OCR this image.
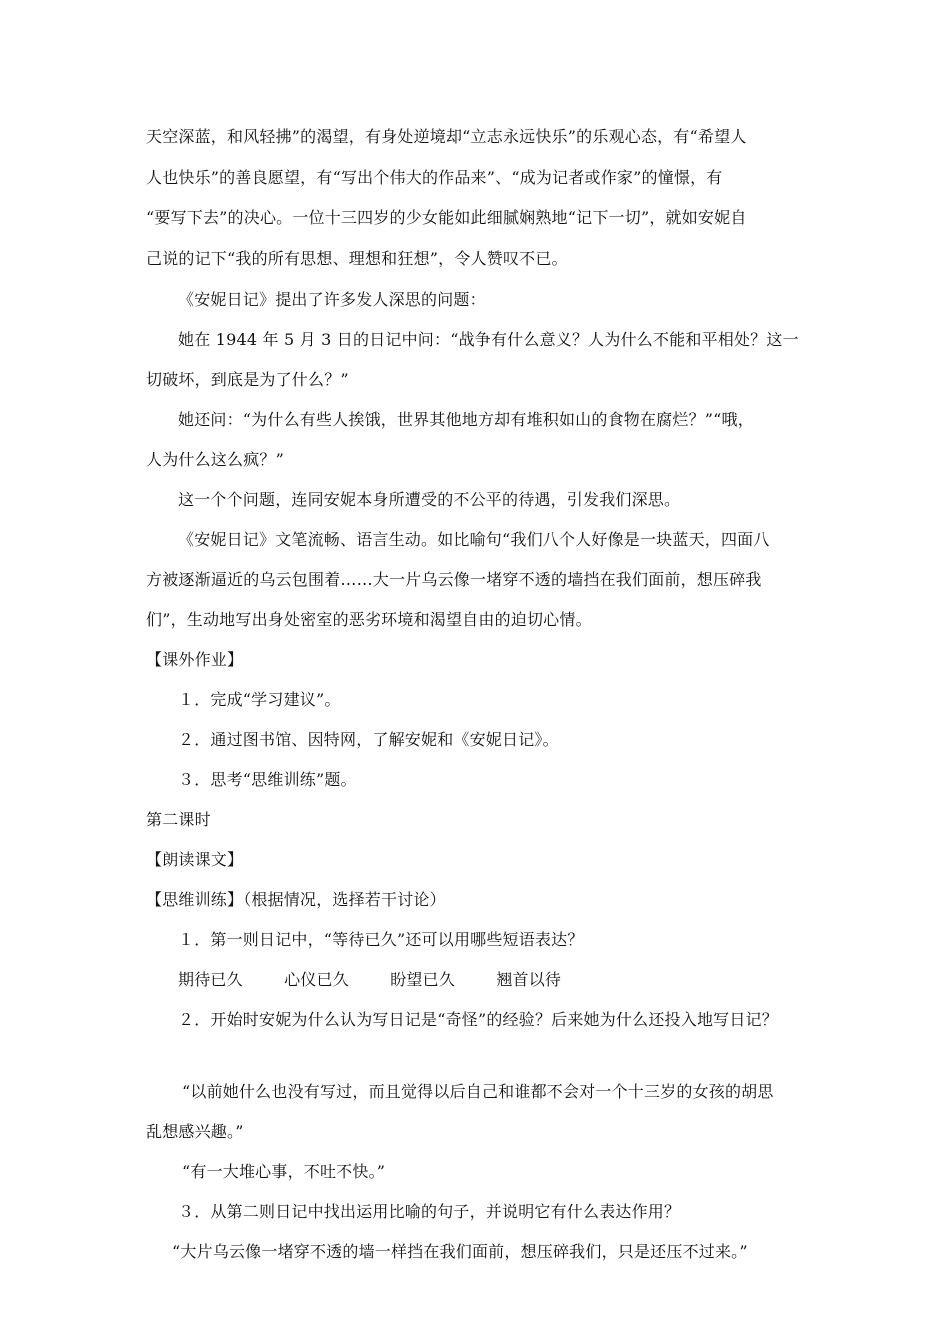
天空深蓝，和风轻拂”的渴望，有身处逆境却“立志永远快乐”的乐观心态，有“希望人
人也快乐”的善良愿望，有“写出个伟大的作品来”、“成为记者或作家”的憧憬，有
“要写下去”的决心。一位十三四岁的少女能如此细腻娴熟地“记下一切”，就如安妮自
己说的记下“我的所有思想、理想和狂想”，令人赞叹不已。
《安妮日记》提出了许多发人深思的问题：
她在 1944 年 5 月 3 日的日记中问：“战争有什么意义？人为什么不能和平相处？这一
切破坏，到底是为了什么？”
她还问：“为什么有些人挨饿，世界其他地方却有堆积如山的食物在腐烂？”“哦，
人为什么这么疯？”
这一个个问题，连同安妮本身所遭受的不公平的待遇，引发我们深思。
《安妮日记》文笔流畅、语言生动。如比喻句“我们八个人好像是一块蓝天，四面八
方被逐渐逼近的乌云包围着……大一片乌云像一堵穿不透的墙挡在我们面前，想压碎我
们”，生动地写出身处密室的恶劣环境和渴望自由的迫切心情。
【课外作业】
１．完成“学习建议”。
２．通过图书馆、因特网，了解安妮和《安妮日记》。
３．思考“思维训练”题。
第二课时
【朗读课文】
【思维训练】（根据情况，选择若干讨论）
１．第一则日记中，“等待已久”还可以用哪些短语表达？
期待已久	心仪已久	盼望已久	翘首以待
２．开始时安妮为什么认为写日记是“奇怪”的经验？后来她为什么还投入地写日记？
“以前她什么也没有写过，而且觉得以后自己和谁都不会对一个十三岁的女孩的胡思
乱想感兴趣。”
“有一大堆心事，不吐不快。”
３．从第二则日记中找出运用比喻的句子，并说明它有什么表达作用？
“大片乌云像一堵穿不透的墙一样挡在我们面前，想压碎我们，只是还压不过来。”
